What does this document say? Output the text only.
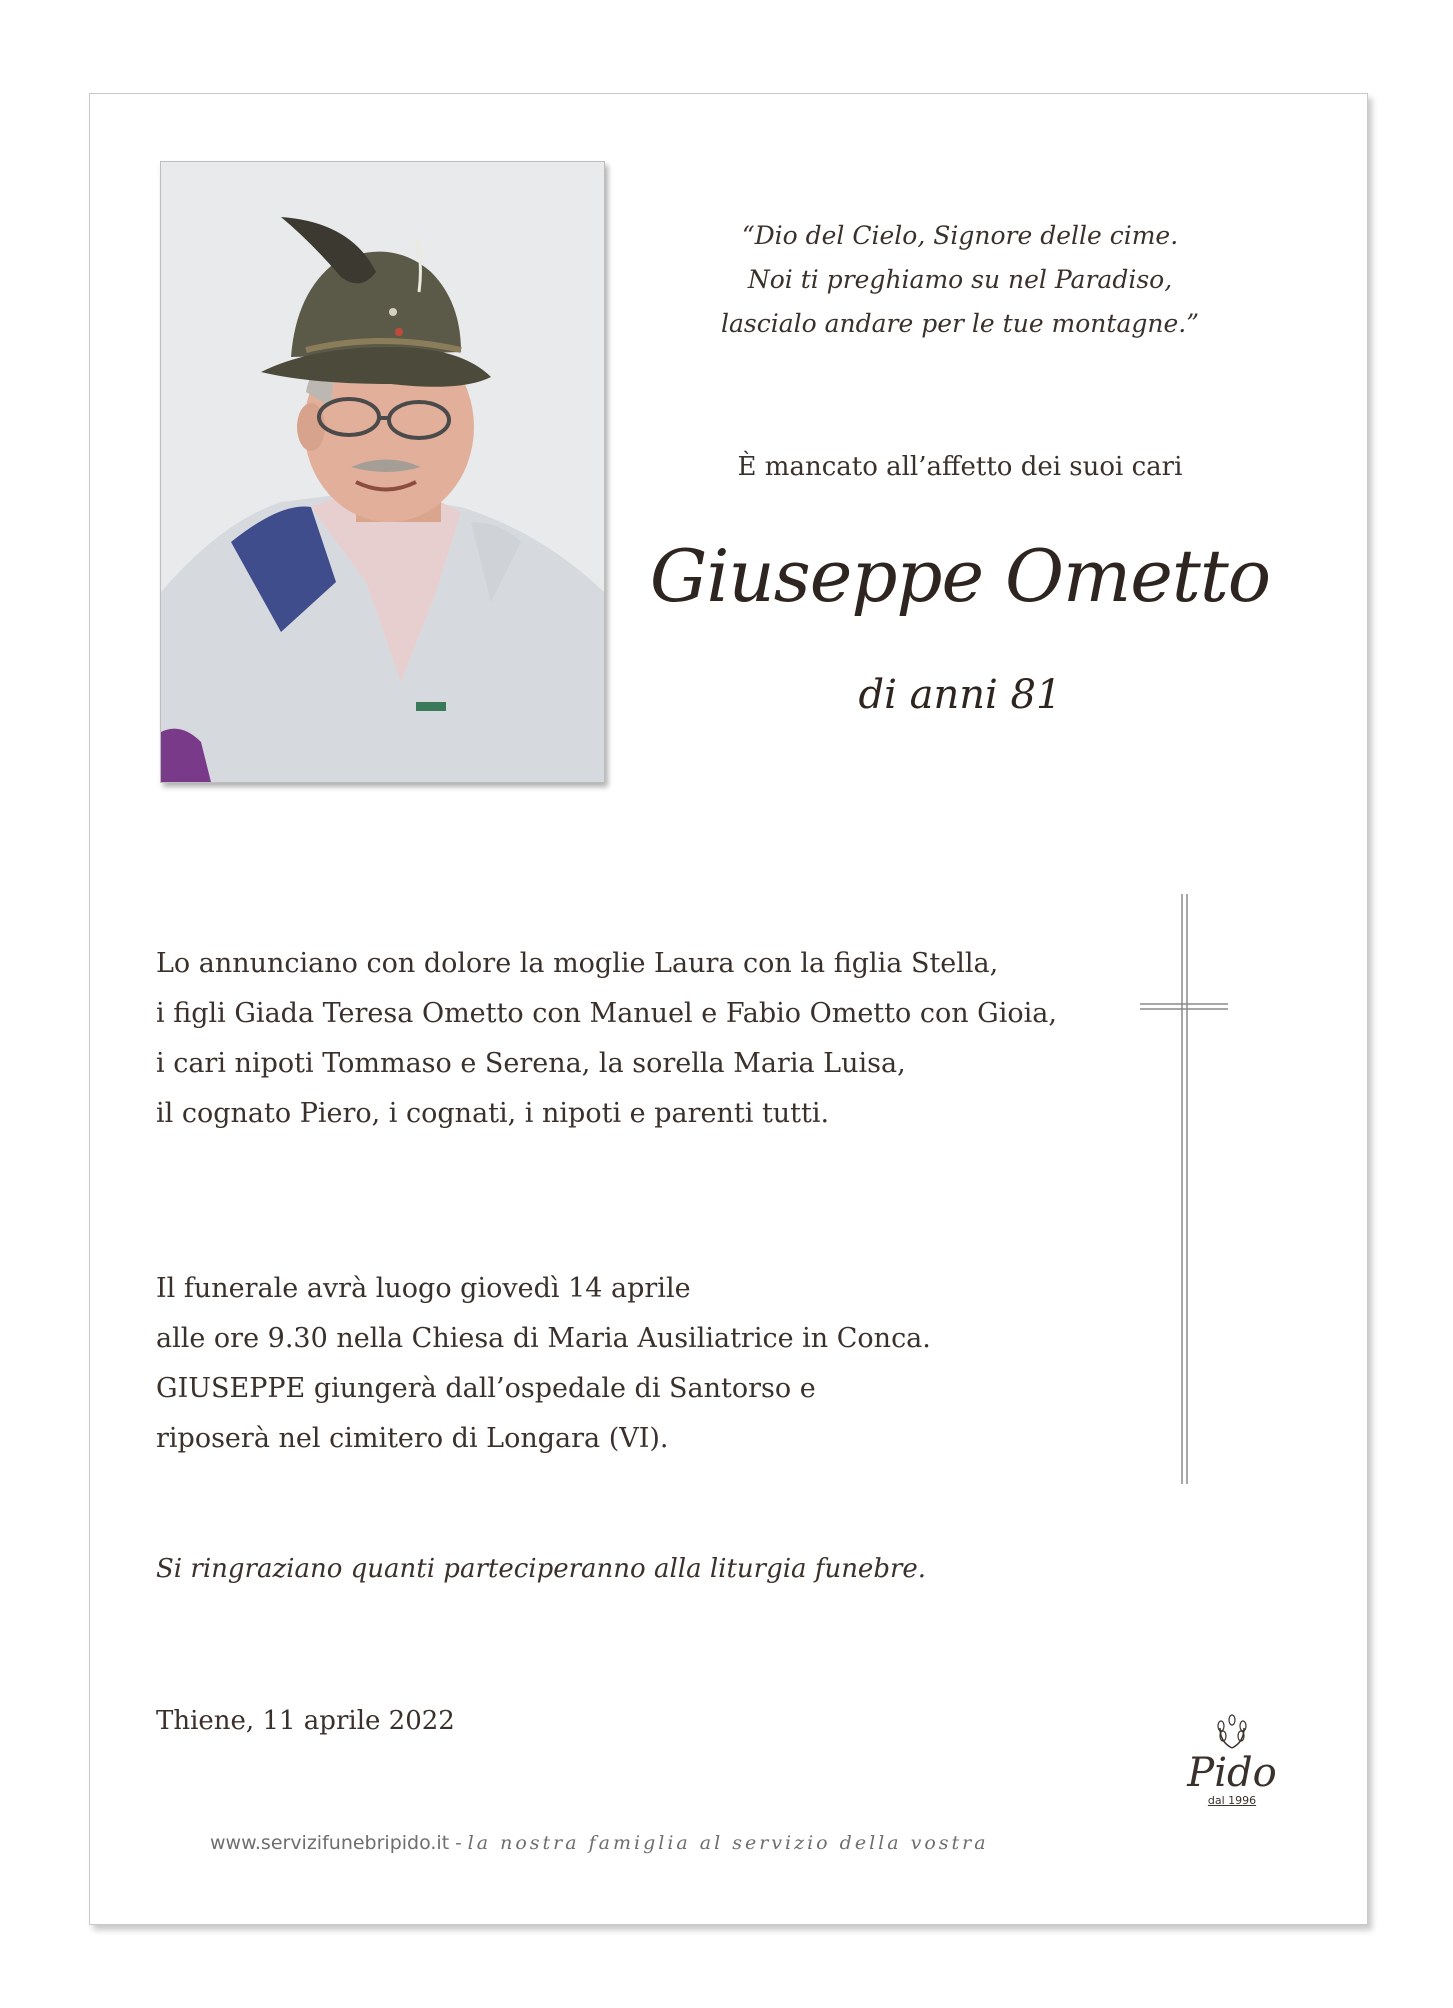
“Dio del Cielo, Signore delle cime.
Noi ti preghiamo su nel Paradiso,
lascialo andare per le tue montagne.”
È mancato all’affetto dei suoi cari
Giuseppe Ometto
di anni 81
Lo annunciano con dolore la moglie Laura con la figlia Stella,
i figli Giada Teresa Ometto con Manuel e Fabio Ometto con Gioia,
i cari nipoti Tommaso e Serena, la sorella Maria Luisa,
il cognato Piero, i cognati, i nipoti e parenti tutti.
Il funerale avrà luogo giovedì 14 aprile
alle ore 9.30 nella Chiesa di Maria Ausiliatrice in Conca.
GIUSEPPE giungerà dall’ospedale di Santorso e
riposerà nel cimitero di Longara (VI).
Si ringraziano quanti parteciperanno alla liturgia funebre.
Thiene, 11 aprile 2022
Pido
dal 1996
www.servizifunebripido.it - la nostra famiglia al servizio della vostra
